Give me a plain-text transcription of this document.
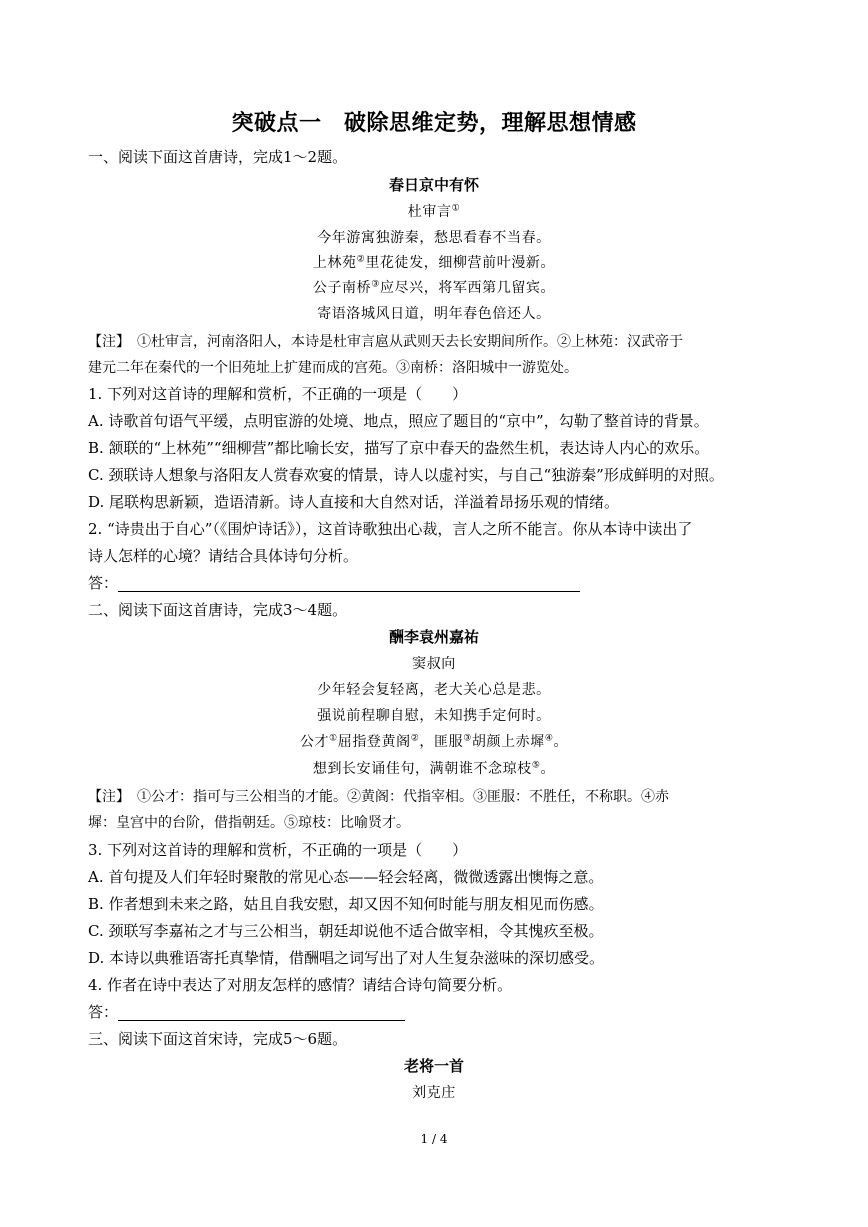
突破点一　破除思维定势，理解思想情感
一、阅读下面这首唐诗，完成1～2题。
春日京中有怀
杜审言①
今年游寓独游秦，愁思看春不当春。
上林苑②里花徒发，细柳营前叶漫新。
公子南桥③应尽兴，将军西第几留宾。
寄语洛城风日道，明年春色倍还人。
【注】　①杜审言，河南洛阳人，本诗是杜审言扈从武则天去长安期间所作。②上林苑：汉武帝于
建元二年在秦代的一个旧苑址上扩建而成的宫苑。③南桥：洛阳城中一游览处。
1. 下列对这首诗的理解和赏析，不正确的一项是（　　）
A. 诗歌首句语气平缓，点明宦游的处境、地点，照应了题目的“京中”，勾勒了整首诗的背景。
B. 颔联的“上林苑”“细柳营”都比喻长安，描写了京中春天的盎然生机，表达诗人内心的欢乐。
C. 颈联诗人想象与洛阳友人赏春欢宴的情景，诗人以虚衬实，与自己“独游秦”形成鲜明的对照。
D. 尾联构思新颖，造语清新。诗人直接和大自然对话，洋溢着昂扬乐观的情绪。
2. “诗贵出于自心”（《围炉诗话》），这首诗歌独出心裁，言人之所不能言。你从本诗中读出了
诗人怎样的心境？请结合具体诗句分析。
答：
二、阅读下面这首唐诗，完成3～4题。
酬李袁州嘉祐
窦叔向
少年轻会复轻离，老大关心总是悲。
强说前程聊自慰，未知携手定何时。
公才①屈指登黄阁②，匪服③胡颜上赤墀④。
想到长安诵佳句，满朝谁不念琼枝⑤。
【注】　①公才：指可与三公相当的才能。②黄阁：代指宰相。③匪服：不胜任，不称职。④赤
墀：皇宫中的台阶，借指朝廷。⑤琼枝：比喻贤才。
3. 下列对这首诗的理解和赏析，不正确的一项是（　　）
A. 首句提及人们年轻时聚散的常见心态——轻会轻离，微微透露出懊悔之意。
B. 作者想到未来之路，姑且自我安慰，却又因不知何时能与朋友相见而伤感。
C. 颈联写李嘉祐之才与三公相当，朝廷却说他不适合做宰相，令其愧疚至极。
D. 本诗以典雅语寄托真挚情，借酬唱之词写出了对人生复杂滋味的深切感受。
4. 作者在诗中表达了对朋友怎样的感情？请结合诗句简要分析。
答：
三、阅读下面这首宋诗，完成5～6题。
老将一首
刘克庄
1 / 4
